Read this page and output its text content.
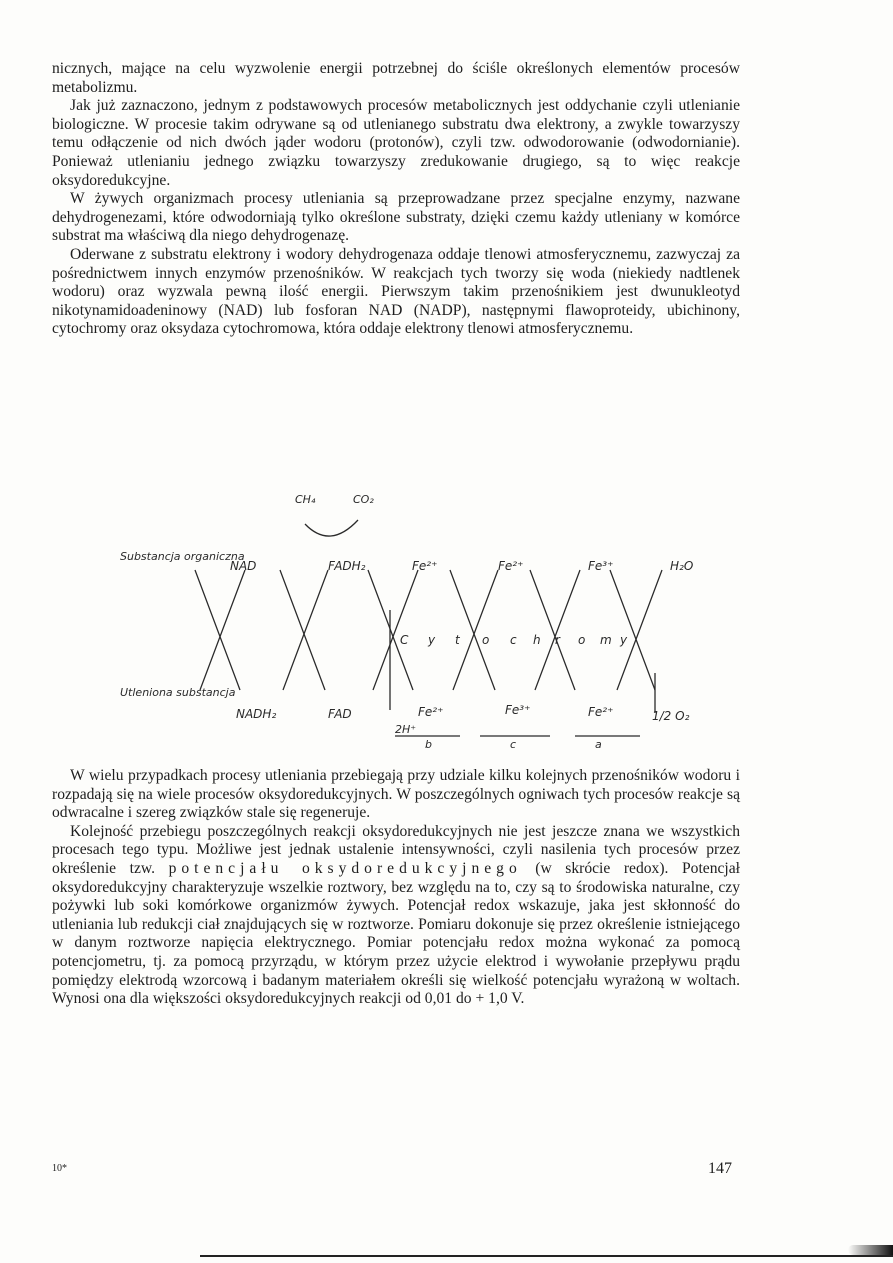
nicznych, mające na celu wyzwolenie energii potrzebnej do ściśle określonych elementów procesów metabolizmu.

Jak już zaznaczono, jednym z podstawowych procesów metabolicznych jest oddychanie czyli utlenianie biologiczne. W procesie takim odrywane są od utlenianego substratu dwa elektrony, a zwykle towarzyszy temu odłączenie od nich dwóch jąder wodoru (protonów), czyli tzw. odwodorowanie (odwodornianie). Ponieważ utlenianiu jednego związku towarzyszy zredukowanie drugiego, są to więc reakcje oksydoredukcyjne.

W żywych organizmach procesy utleniania są przeprowadzane przez specjalne enzymy, nazwane dehydrogenezami, które odwodorniają tylko określone substraty, dzięki czemu każdy utleniany w komórce substrat ma właściwą dla niego dehydrogenazę.

Oderwane z substratu elektrony i wodory dehydrogenaza oddaje tlenowi atmosferycznemu, zazwyczaj za pośrednictwem innych enzymów przenośników. W reakcjach tych tworzy się woda (niekiedy nadtlenek wodoru) oraz wyzwala pewną ilość energii. Pierwszym takim przenośnikiem jest dwunukleotyd nikotynamidoadeninowy (NAD) lub fosforan NAD (NADP), następnymi flawoproteidy, ubichinony, cytochromy oraz oksydaza cytochromowa, która oddaje elektrony tlenowi atmosferycznemu.

CH₄	CO₂
Substancja organiczna
NAD	FADH₂	Fe²⁺	Fe²⁺	Fe³⁺	H₂O
C y t o c h r o m y
Utleniona substancja
NADH₂	FAD	Fe²⁺	Fe³⁺	Fe²⁺	1/2 O₂
2H⁺
b	c	a

W wielu przypadkach procesy utleniania przebiegają przy udziale kilku kolejnych przenośników wodoru i rozpadają się na wiele procesów oksydoredukcyjnych. W poszczególnych ogniwach tych procesów reakcje są odwracalne i szereg związków stale się regeneruje.

Kolejność przebiegu poszczególnych reakcji oksydoredukcyjnych nie jest jeszcze znana we wszystkich procesach tego typu. Możliwe jest jednak ustalenie intensywności, czyli nasilenia tych procesów przez określenie tzw. potencjału oksydoredukcyjnego (w skrócie redox). Potencjał oksydoredukcyjny charakteryzuje wszelkie roztwory, bez względu na to, czy są to środowiska naturalne, czy pożywki lub soki komórkowe organizmów żywych. Potencjał redox wskazuje, jaka jest skłonność do utleniania lub redukcji ciał znajdujących się w roztworze. Pomiaru dokonuje się przez określenie istniejącego w danym roztworze napięcia elektrycznego. Pomiar potencjału redox można wykonać za pomocą potencjometru, tj. za pomocą przyrządu, w którym przez użycie elektrod i wywołanie przepływu prądu pomiędzy elektrodą wzorcową i badanym materiałem określi się wielkość potencjału wyrażoną w woltach. Wynosi ona dla większości oksydoredukcyjnych reakcji od 0,01 do + 1,0 V.

10*	147
